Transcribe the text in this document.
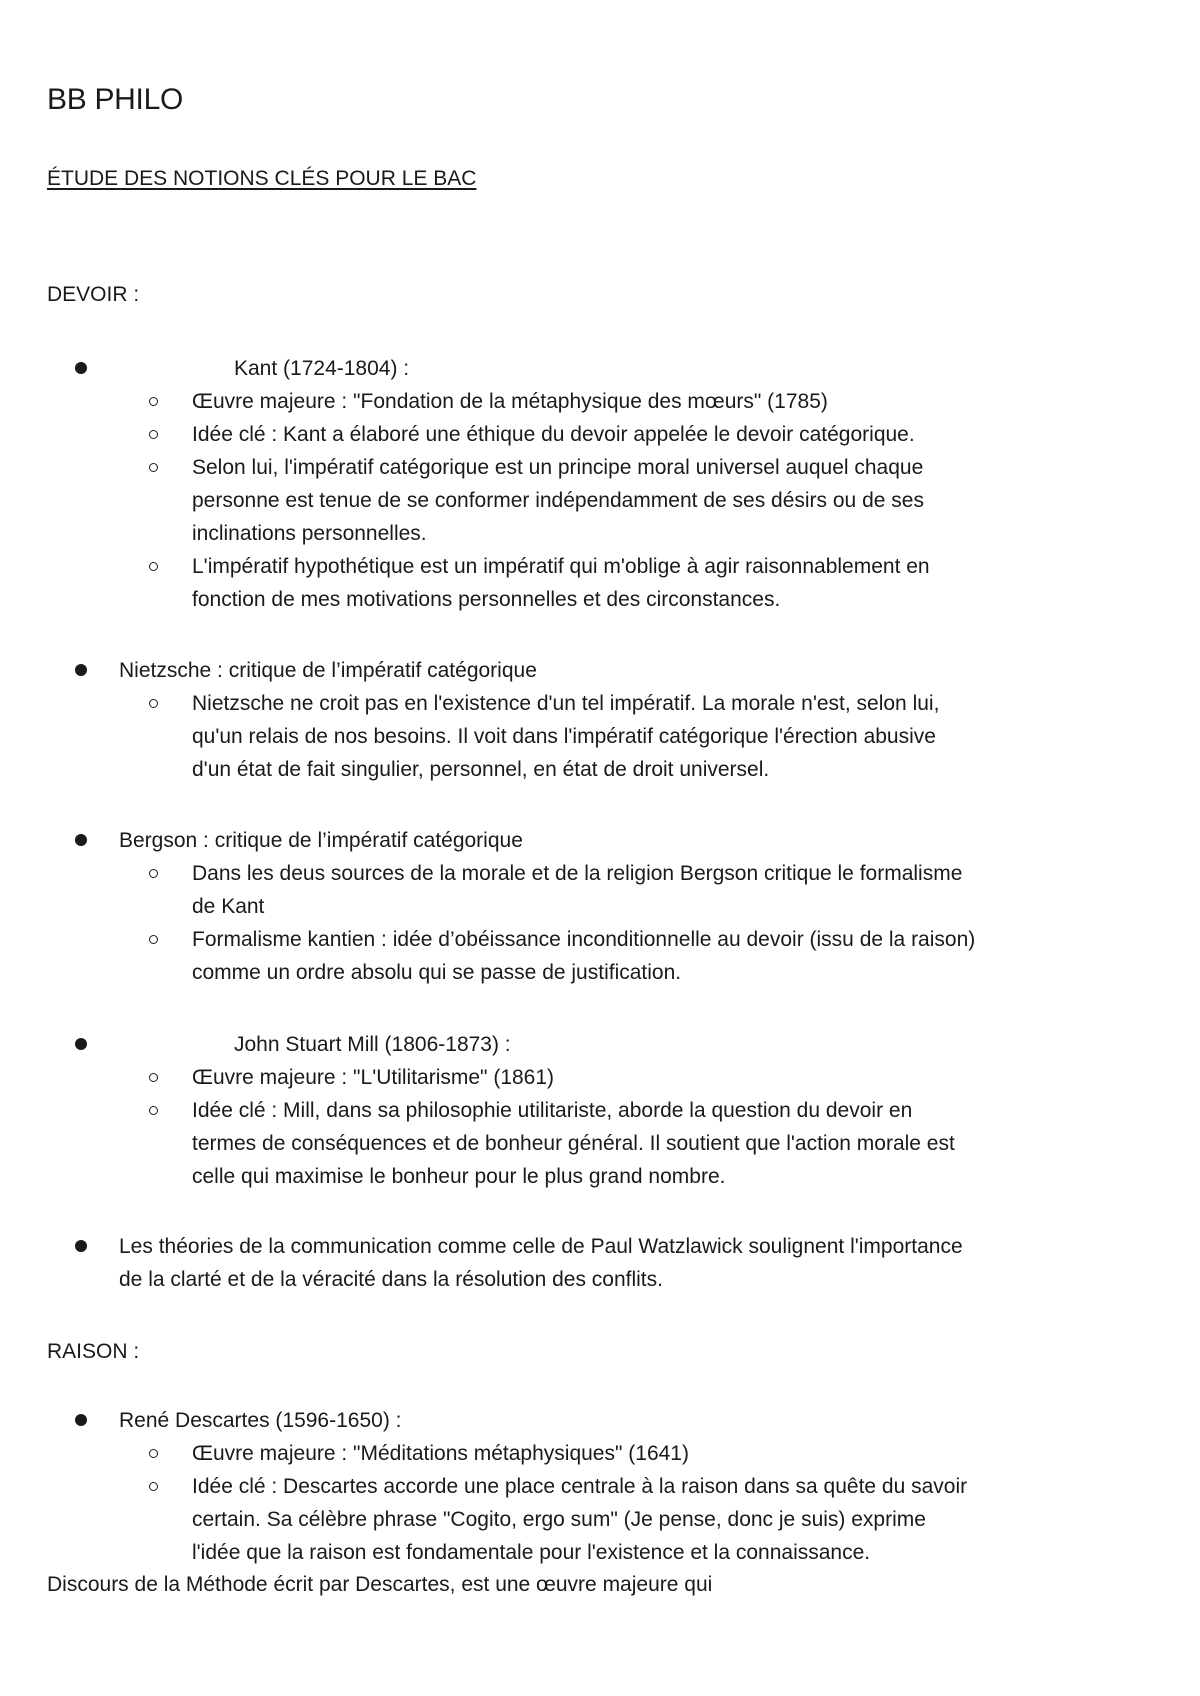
BB PHILO

ÉTUDE DES NOTIONS CLÉS POUR LE BAC

DEVOIR :

Kant (1724-1804) :

Œuvre majeure : "Fondation de la métaphysique des mœurs" (1785)

Idée clé : Kant a élaboré une éthique du devoir appelée le devoir catégorique.

Selon lui, l'impératif catégorique est un principe moral universel auquel chaque
personne est tenue de se conformer indépendamment de ses désirs ou de ses
inclinations personnelles.

L'impératif hypothétique est un impératif qui m'oblige à agir raisonnablement en
fonction de mes motivations personnelles et des circonstances.

Nietzsche : critique de l’impératif catégorique

Nietzsche ne croit pas en l'existence d'un tel impératif. La morale n'est, selon lui,
qu'un relais de nos besoins. Il voit dans l'impératif catégorique l'érection abusive
d'un état de fait singulier, personnel, en état de droit universel.

Bergson : critique de l’impératif catégorique

Dans les deus sources de la morale et de la religion Bergson critique le formalisme
de Kant

Formalisme kantien : idée d’obéissance inconditionnelle au devoir (issu de la raison)
comme un ordre absolu qui se passe de justification.

John Stuart Mill (1806-1873) :

Œuvre majeure : "L'Utilitarisme" (1861)

Idée clé : Mill, dans sa philosophie utilitariste, aborde la question du devoir en
termes de conséquences et de bonheur général. Il soutient que l'action morale est
celle qui maximise le bonheur pour le plus grand nombre.

Les théories de la communication comme celle de Paul Watzlawick soulignent l'importance
de la clarté et de la véracité dans la résolution des conflits.

RAISON :

René Descartes (1596-1650) :

Œuvre majeure : "Méditations métaphysiques" (1641)

Idée clé : Descartes accorde une place centrale à la raison dans sa quête du savoir
certain. Sa célèbre phrase "Cogito, ergo sum" (Je pense, donc je suis) exprime
l'idée que la raison est fondamentale pour l'existence et la connaissance.

Discours de la Méthode écrit par Descartes, est une œuvre majeure qui
